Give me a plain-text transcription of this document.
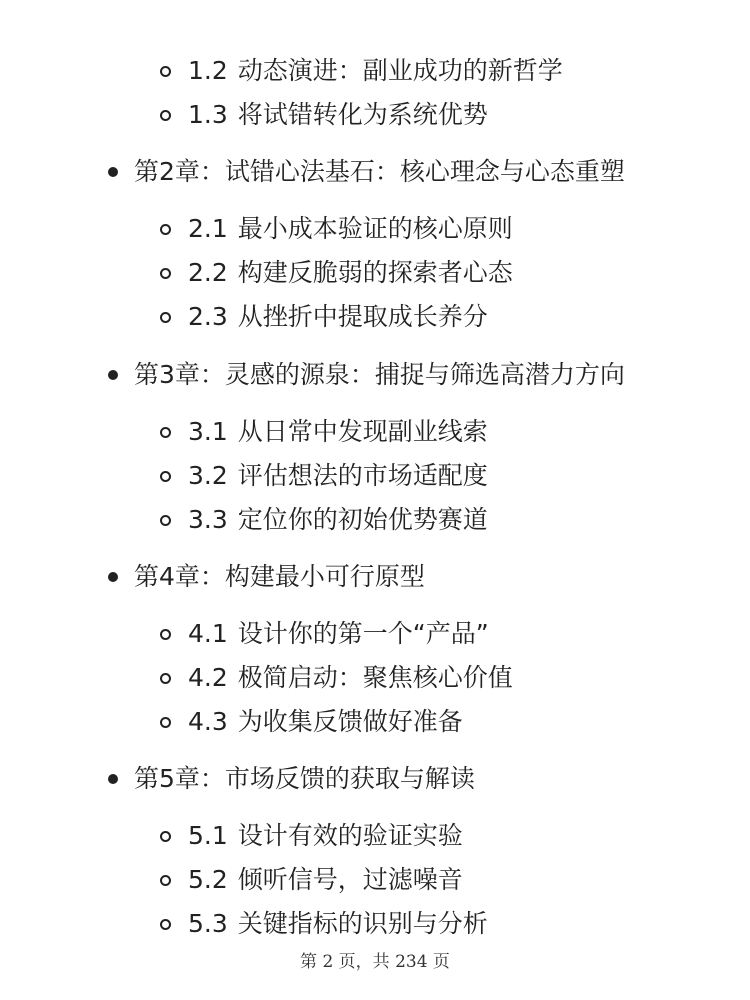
1.2 动态演进：副业成功的新哲学
1.3 将试错转化为系统优势
第2章：试错心法基石：核心理念与心态重塑
2.1 最小成本验证的核心原则
2.2 构建反脆弱的探索者心态
2.3 从挫折中提取成长养分
第3章：灵感的源泉：捕捉与筛选高潜力方向
3.1 从日常中发现副业线索
3.2 评估想法的市场适配度
3.3 定位你的初始优势赛道
第4章：构建最小可行原型
4.1 设计你的第一个“产品”
4.2 极简启动：聚焦核心价值
4.3 为收集反馈做好准备
第5章：市场反馈的获取与解读
5.1 设计有效的验证实验
5.2 倾听信号，过滤噪音
5.3 关键指标的识别与分析
第 2 页，共 234 页
